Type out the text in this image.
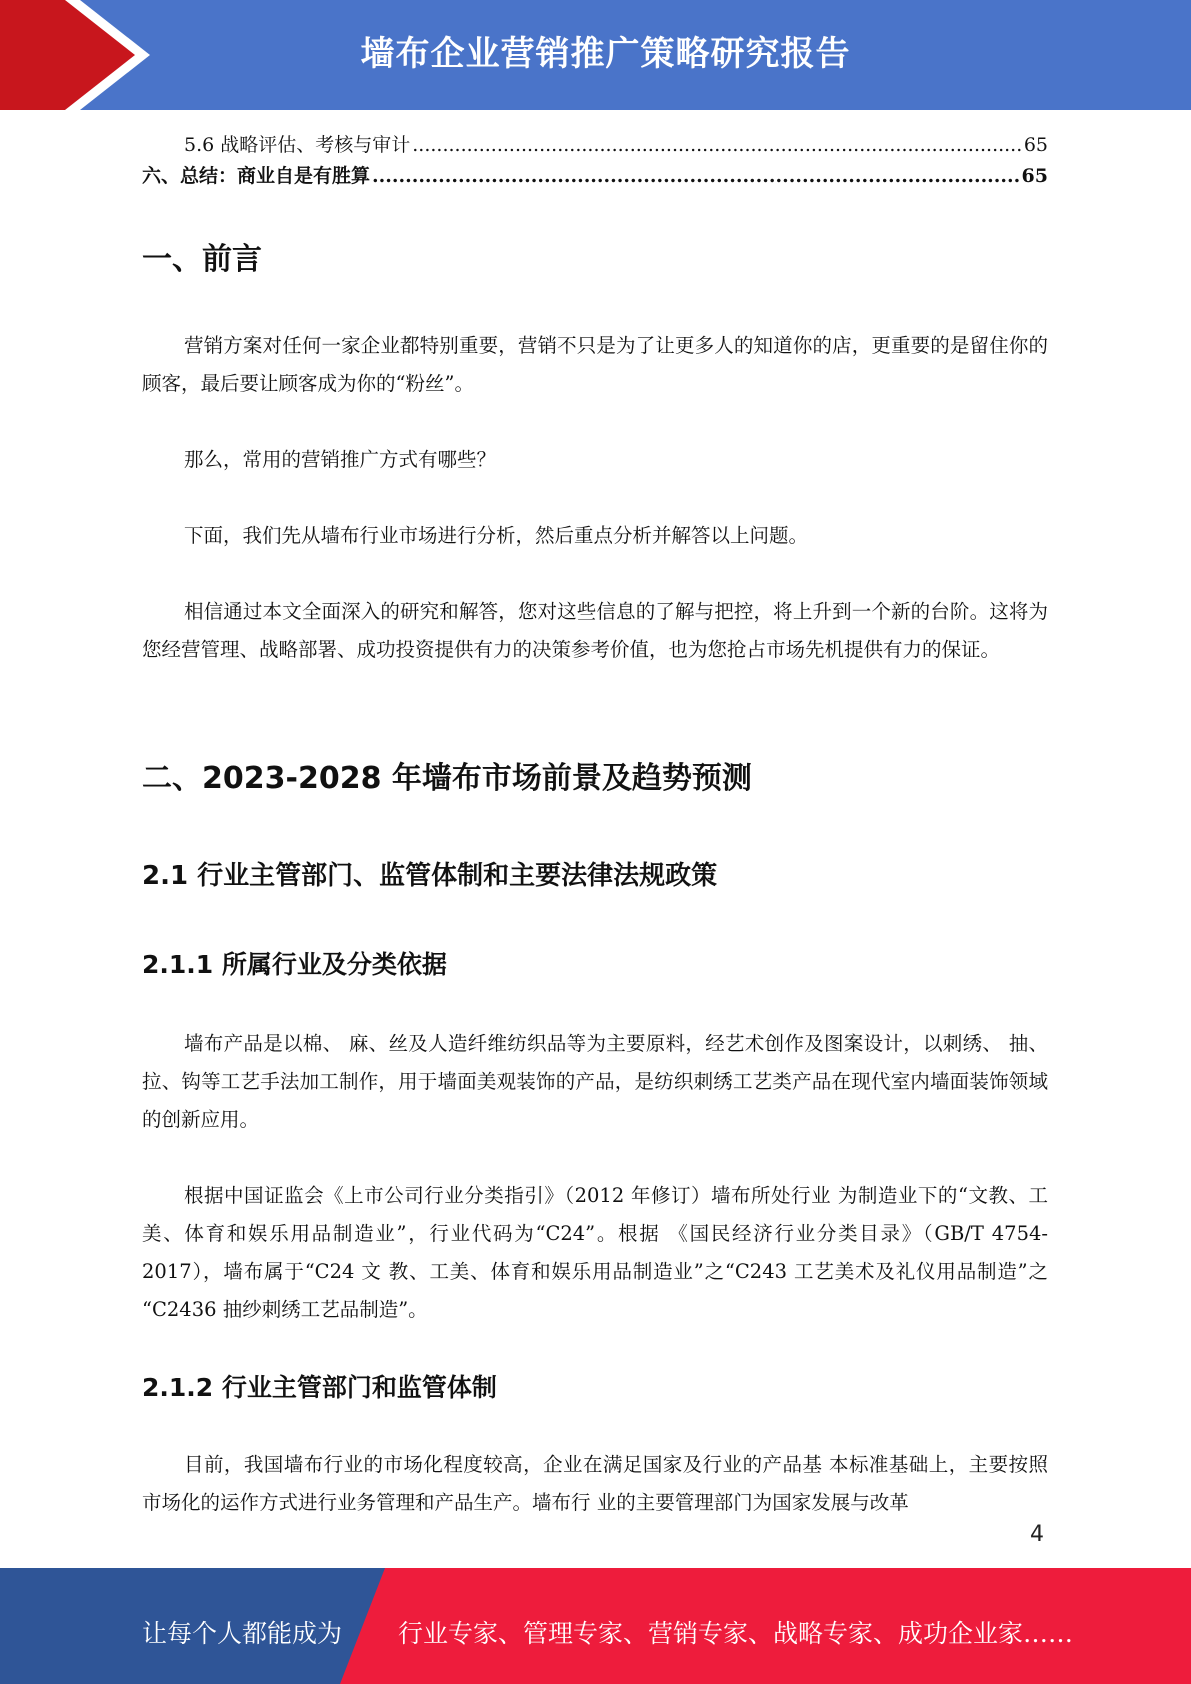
墙布企业营销推广策略研究报告
5.6 战略评估、考核与审计 .....	65
六、总结：商业自是有胜算 .....	65
一、前言
营销方案对任何一家企业都特别重要，营销不只是为了让更多人的知道你的店，更重要的是留住你的顾客，最后要让顾客成为你的“粉丝”。
那么，常用的营销推广方式有哪些？
下面，我们先从墙布行业市场进行分析，然后重点分析并解答以上问题。
相信通过本文全面深入的研究和解答，您对这些信息的了解与把控，将上升到一个新的台阶。这将为您经营管理、战略部署、成功投资提供有力的决策参考价值，也为您抢占市场先机提供有力的保证。
二、2023-2028 年墙布市场前景及趋势预测
2.1 行业主管部门、监管体制和主要法律法规政策
2.1.1 所属行业及分类依据
墙布产品是以棉、 麻、丝及人造纤维纺织品等为主要原料，经艺术创作及图案设计，以刺绣、 抽、拉、钩等工艺手法加工制作，用于墙面美观装饰的产品，是纺织刺绣工艺类产品在现代室内墙面装饰领域的创新应用。
根据中国证监会《上市公司行业分类指引》（2012 年修订）墙布所处行业 为制造业下的“文教、工美、体育和娱乐用品制造业”，行业代码为“C24”。根据 《国民经济行业分类目录》（GB/T 4754-2017），墙布属于“C24 文 教、工美、体育和娱乐用品制造业”之“C243 工艺美术及礼仪用品制造”之 “C2436 抽纱刺绣工艺品制造”。
2.1.2 行业主管部门和监管体制
目前，我国墙布行业的市场化程度较高，企业在满足国家及行业的产品基 本标准基础上，主要按照市场化的运作方式进行业务管理和产品生产。墙布行 业的主要管理部门为国家发展与改革
4
让每个人都能成为 行业专家、管理专家、营销专家、战略专家、成功企业家……
